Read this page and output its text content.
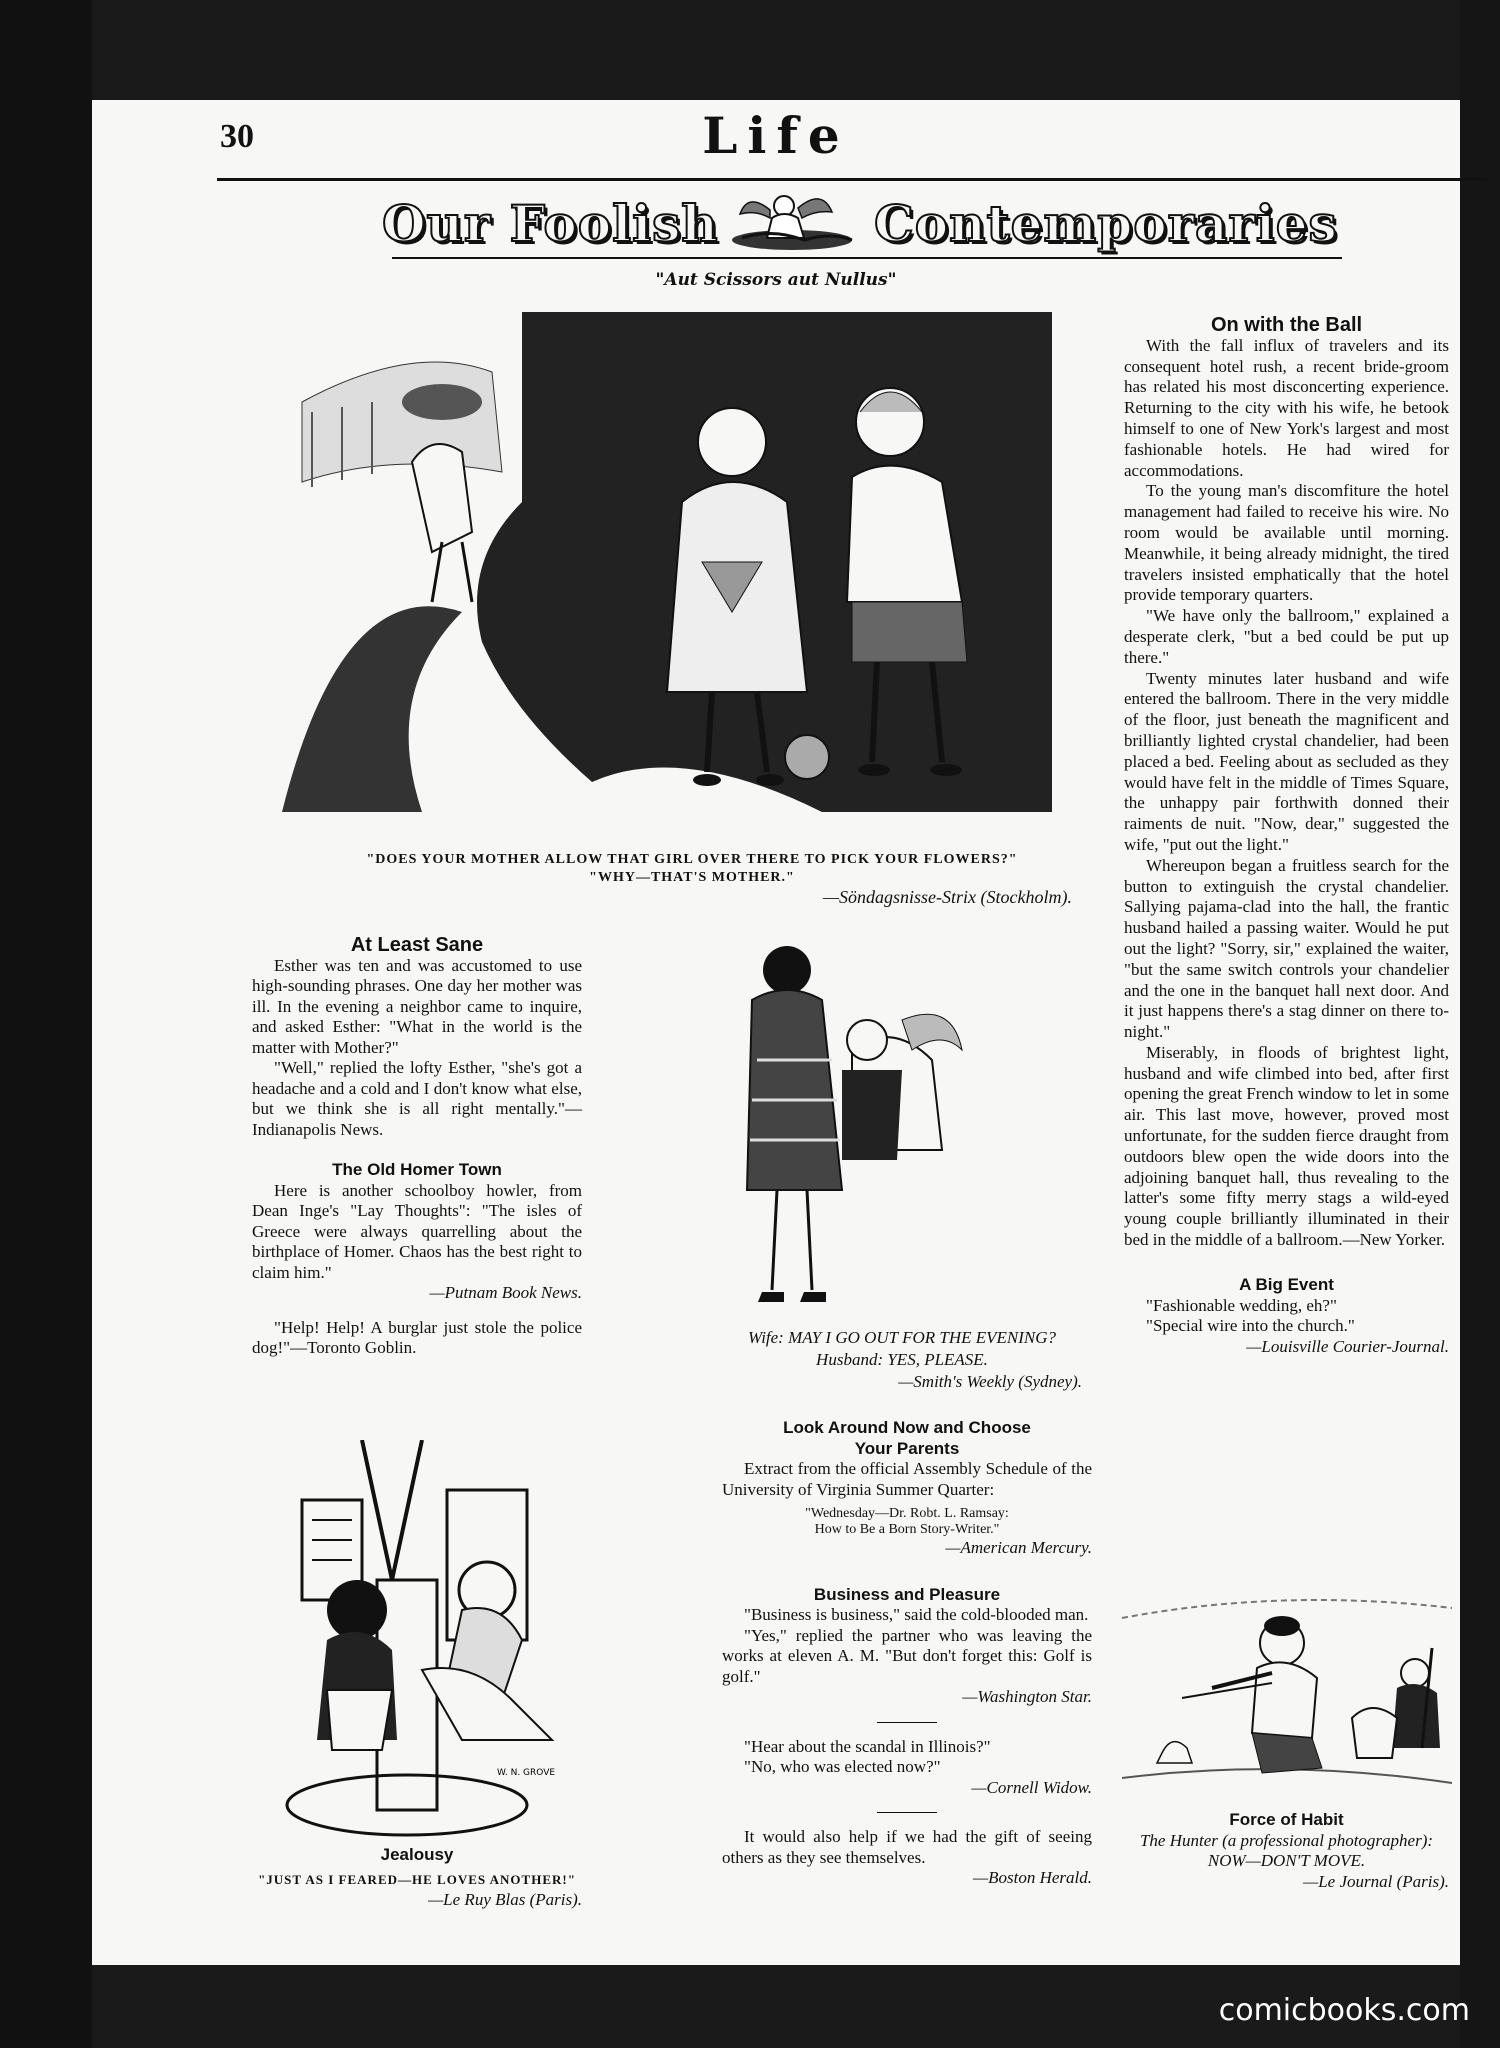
30	Life
Our Foolish	Contemporaries
"Aut Scissors aut Nullus"
"DOES YOUR MOTHER ALLOW THAT GIRL OVER THERE TO PICK YOUR FLOWERS?"
"WHY—THAT'S MOTHER."
—Söndagsnisse-Strix (Stockholm).
At Least Sane

Esther was ten and was accustomed to use high-sounding phrases. One day her mother was ill. In the evening a neighbor came to inquire, and asked Esther: "What in the world is the matter with Mother?"

"Well," replied the lofty Esther, "she's got a headache and a cold and I don't know what else, but we think she is all right mentally."—Indianapolis News.

The Old Homer Town

Here is another schoolboy howler, from Dean Inge's "Lay Thoughts": "The isles of Greece were always quarrelling about the birthplace of Homer. Chaos has the best right to claim him."

—Putnam Book News.

"Help! Help! A burglar just stole the police dog!"—Toronto Goblin.

W. N. GROVE
Jealousy
"JUST AS I FEARED—HE LOVES ANOTHER!"
—Le Ruy Blas (Paris).
Wife: MAY I GO OUT FOR THE EVENING?
Husband: YES, PLEASE.
—Smith's Weekly (Sydney).
Look Around Now and Choose
Your Parents

Extract from the official Assembly Schedule of the University of Virginia Summer Quarter:

"Wednesday—Dr. Robt. L. Ramsay:
How to Be a Born Story-Writer."
—American Mercury.
Business and Pleasure

"Business is business," said the cold-blooded man.

"Yes," replied the partner who was leaving the works at eleven A. M. "But don't forget this: Golf is golf."

—Washington Star.

"Hear about the scandal in Illinois?"

"No, who was elected now?"

—Cornell Widow.

It would also help if we had the gift of seeing others as they see themselves.

—Boston Herald.
On with the Ball

With the fall influx of travelers and its consequent hotel rush, a recent bride-groom has related his most disconcerting experience. Returning to the city with his wife, he betook himself to one of New York's largest and most fashionable hotels. He had wired for accommodations.

To the young man's discomfiture the hotel management had failed to receive his wire. No room would be available until morning. Meanwhile, it being already midnight, the tired travelers insisted emphatically that the hotel provide temporary quarters.

"We have only the ballroom," explained a desperate clerk, "but a bed could be put up there."

Twenty minutes later husband and wife entered the ballroom. There in the very middle of the floor, just beneath the magnificent and brilliantly lighted crystal chandelier, had been placed a bed. Feeling about as secluded as they would have felt in the middle of Times Square, the unhappy pair forthwith donned their raiments de nuit. "Now, dear," suggested the wife, "put out the light."

Whereupon began a fruitless search for the button to extinguish the crystal chandelier. Sallying pajama-clad into the hall, the frantic husband hailed a passing waiter. Would he put out the light? "Sorry, sir," explained the waiter, "but the same switch controls your chandelier and the one in the banquet hall next door. And it just happens there's a stag dinner on there to-night."

Miserably, in floods of brightest light, husband and wife climbed into bed, after first opening the great French window to let in some air. This last move, however, proved most unfortunate, for the sudden fierce draught from outdoors blew open the wide doors into the adjoining banquet hall, thus revealing to the latter's some fifty merry stags a wild-eyed young couple brilliantly illuminated in their bed in the middle of a ballroom.—New Yorker.

A Big Event

"Fashionable wedding, eh?"

"Special wire into the church."

—Louisville Courier-Journal.
Force of Habit
The Hunter (a professional photographer): NOW—DON'T MOVE.
—Le Journal (Paris).
comicbooks.com
